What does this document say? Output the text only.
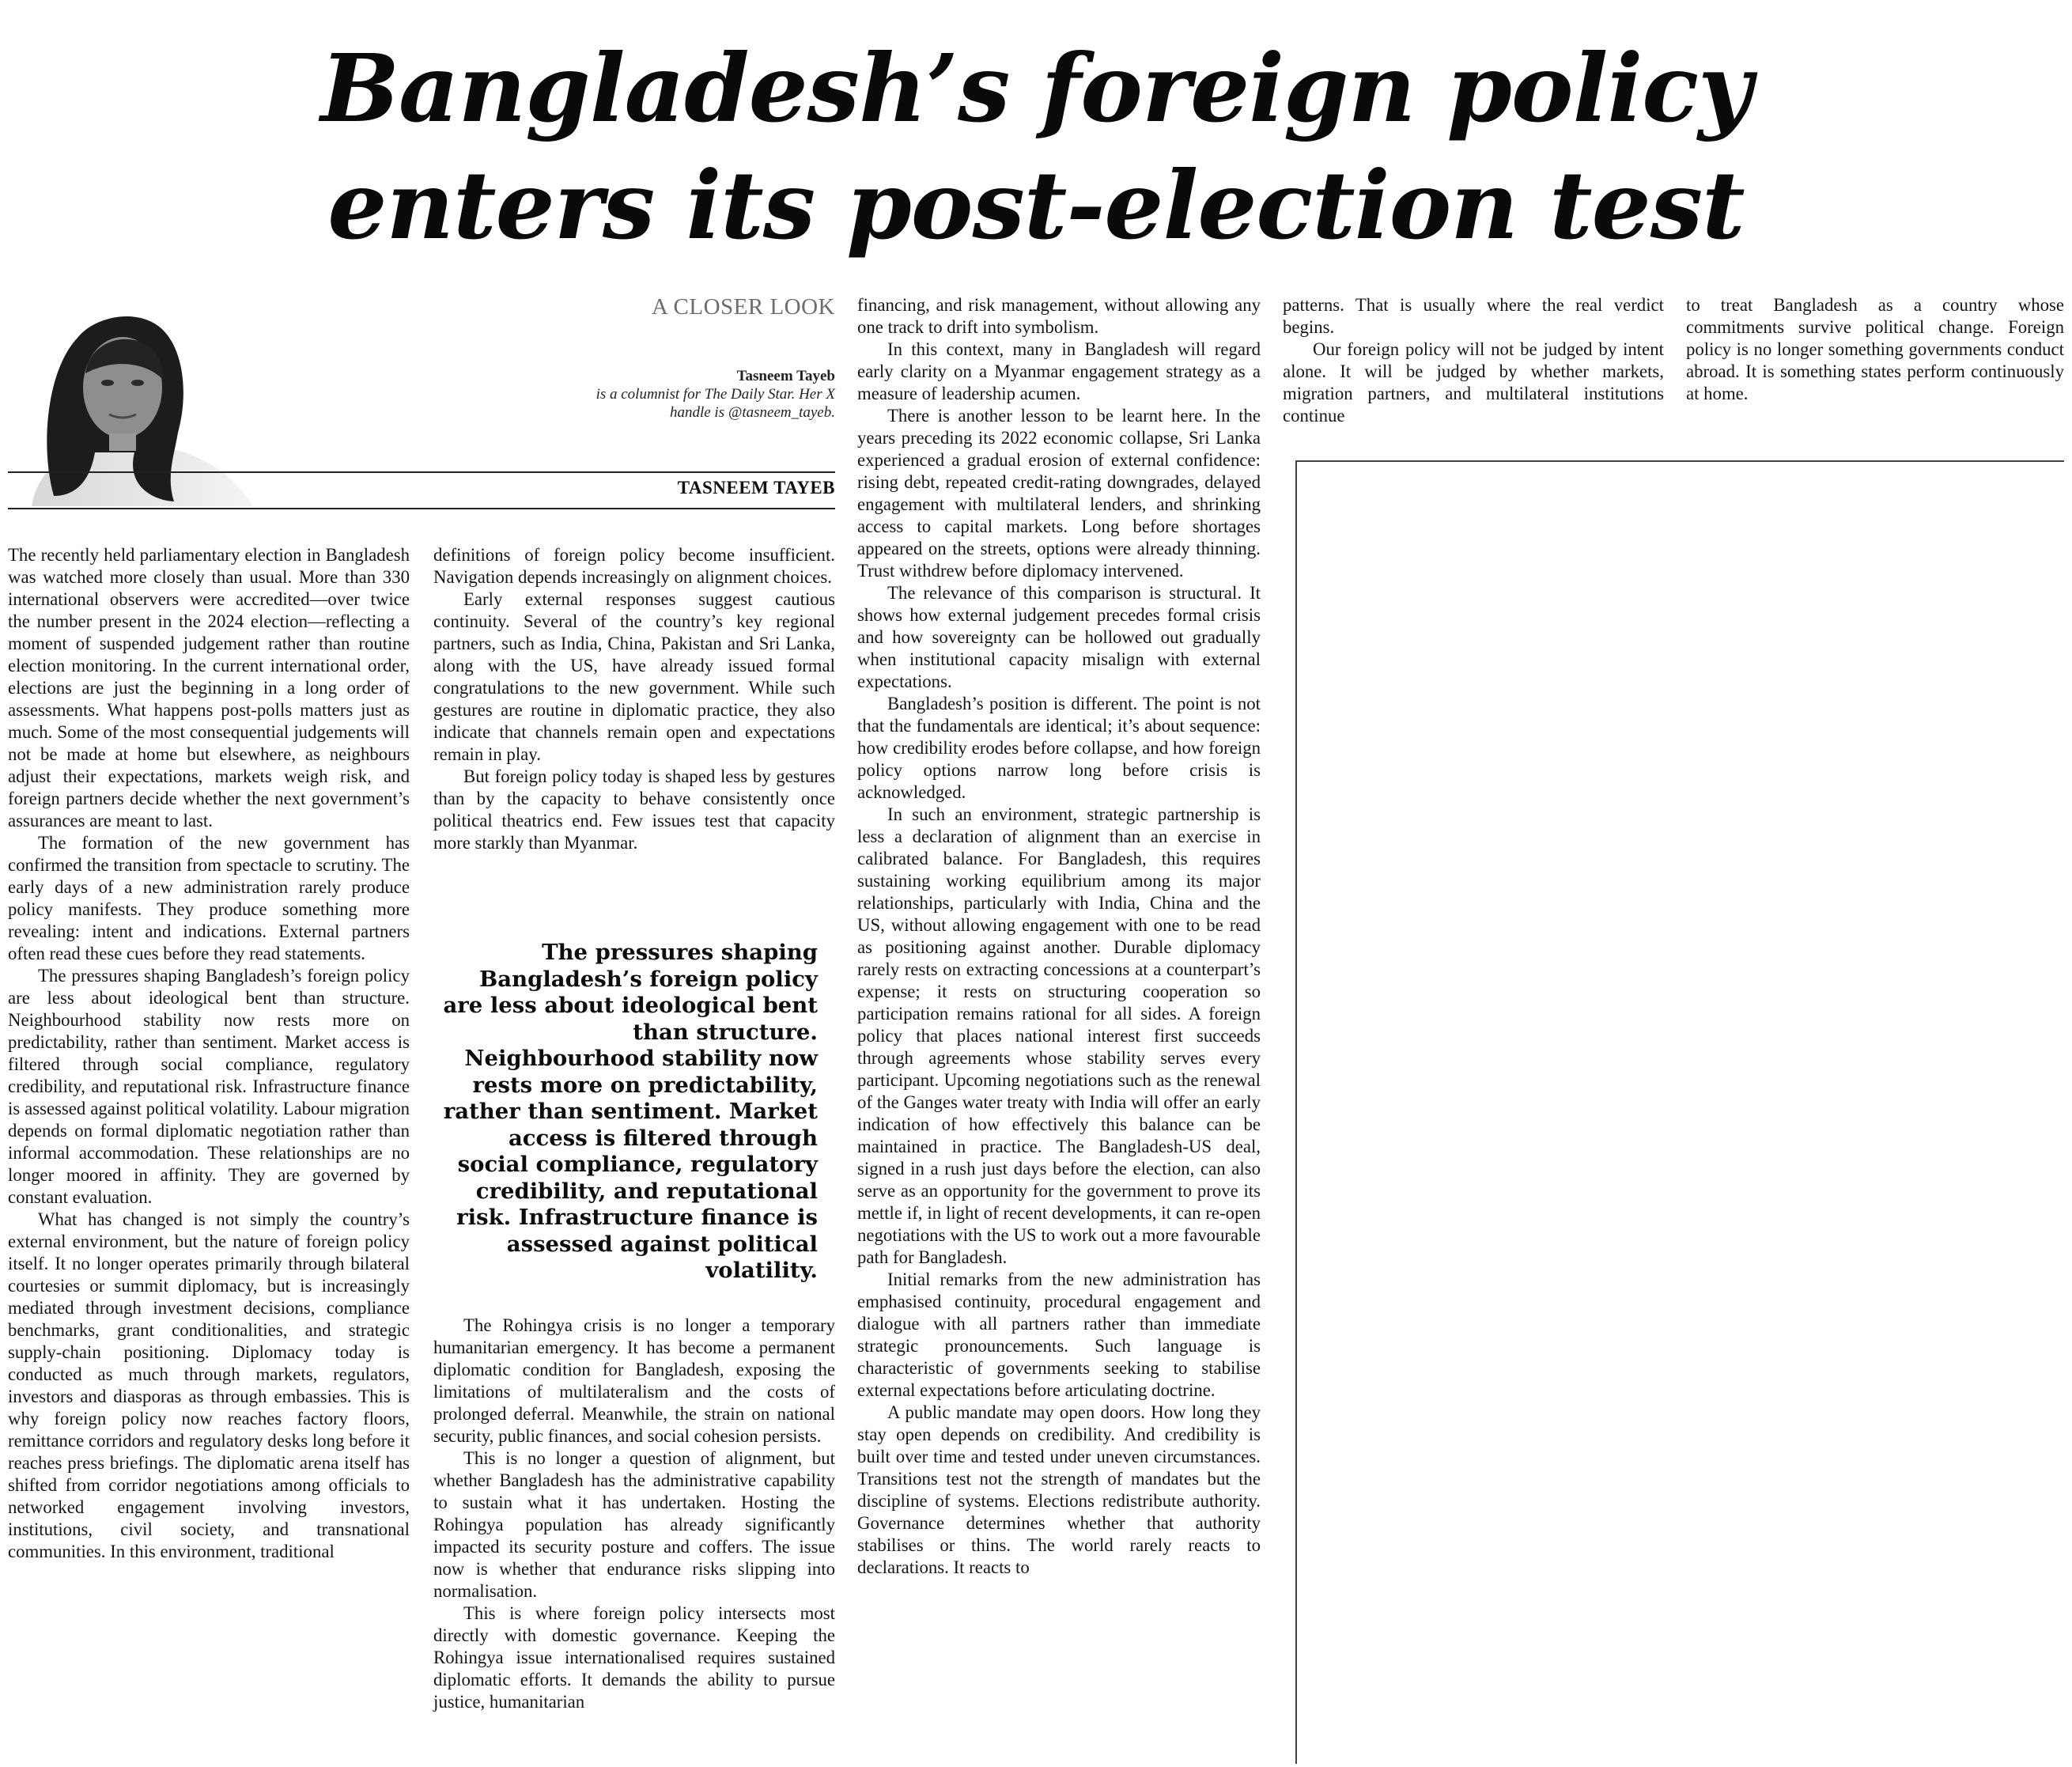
Bangladesh’s foreign policy
enters its post-election test

A CLOSER LOOK

Tasneem Tayeb
is a columnist for The Daily Star. Her X
handle is @tasneem_tayeb.
TASNEEM TAYEB

The recently held parliamentary election in Bangladesh was watched more closely than usual. More than 330 international observers were accredited—over twice the number present in the 2024 election—reflecting a moment of suspended judgement rather than routine election monitoring. In the current international order, elections are just the beginning in a long order of assessments. What happens post-polls matters just as much. Some of the most consequential judgements will not be made at home but elsewhere, as neighbours adjust their expectations, markets weigh risk, and foreign partners decide whether the next government’s assurances are meant to last.

The formation of the new government has confirmed the transition from spectacle to scrutiny. The early days of a new administration rarely produce policy manifests. They produce something more revealing: intent and indications. External partners often read these cues before they read statements.

The pressures shaping Bangladesh’s foreign policy are less about ideological bent than structure. Neighbourhood stability now rests more on predictability, rather than sentiment. Market access is filtered through social compliance, regulatory credibility, and reputational risk. Infrastructure finance is assessed against political volatility. Labour migration depends on formal diplomatic negotiation rather than informal accommodation. These relationships are no longer moored in affinity. They are governed by constant evaluation.

What has changed is not simply the country’s external environment, but the nature of foreign policy itself. It no longer operates primarily through bilateral courtesies or summit diplomacy, but is increasingly mediated through investment decisions, compliance benchmarks, grant conditionalities, and strategic supply-chain positioning. Diplomacy today is conducted as much through markets, regulators, investors and diasporas as through embassies. This is why foreign policy now reaches factory floors, remittance corridors and regulatory desks long before it reaches press briefings. The diplomatic arena itself has shifted from corridor negotiations among officials to networked engagement involving investors, institutions, civil society, and transnational communities. In this environment, traditional

definitions of foreign policy become insufficient. Navigation depends increasingly on alignment choices.

Early external responses suggest cautious continuity. Several of the country’s key regional partners, such as India, China, Pakistan and Sri Lanka, along with the US, have already issued formal congratulations to the new government. While such gestures are routine in diplomatic practice, they also indicate that channels remain open and expectations remain in play.

But foreign policy today is shaped less by gestures than by the capacity to behave consistently once political theatrics end. Few issues test that capacity more starkly than Myanmar.

The pressures shaping Bangladesh’s foreign policy are less about ideological bent than structure. Neighbourhood stability now rests more on predictability, rather than sentiment. Market access is filtered through social compliance, regulatory credibility, and reputational risk. Infrastructure finance is assessed against political volatility.

The Rohingya crisis is no longer a temporary humanitarian emergency. It has become a permanent diplomatic condition for Bangladesh, exposing the limitations of multilateralism and the costs of prolonged deferral. Meanwhile, the strain on national security, public finances, and social cohesion persists.

This is no longer a question of alignment, but whether Bangladesh has the administrative capability to sustain what it has undertaken. Hosting the Rohingya population has already significantly impacted its security posture and coffers. The issue now is whether that endurance risks slipping into normalisation.

This is where foreign policy intersects most directly with domestic governance. Keeping the Rohingya issue internationalised requires sustained diplomatic efforts. It demands the ability to pursue justice, humanitarian

financing, and risk management, without allowing any one track to drift into symbolism.

In this context, many in Bangladesh will regard early clarity on a Myanmar engagement strategy as a measure of leadership acumen.

There is another lesson to be learnt here. In the years preceding its 2022 economic collapse, Sri Lanka experienced a gradual erosion of external confidence: rising debt, repeated credit-rating downgrades, delayed engagement with multilateral lenders, and shrinking access to capital markets. Long before shortages appeared on the streets, options were already thinning. Trust withdrew before diplomacy intervened.

The relevance of this comparison is structural. It shows how external judgement precedes formal crisis and how sovereignty can be hollowed out gradually when institutional capacity misalign with external expectations.

Bangladesh’s position is different. The point is not that the fundamentals are identical; it’s about sequence: how credibility erodes before collapse, and how foreign policy options narrow long before crisis is acknowledged.

In such an environment, strategic partnership is less a declaration of alignment than an exercise in calibrated balance. For Bangladesh, this requires sustaining working equilibrium among its major relationships, particularly with India, China and the US, without allowing engagement with one to be read as positioning against another. Durable diplomacy rarely rests on extracting concessions at a counterpart’s expense; it rests on structuring cooperation so participation remains rational for all sides. A foreign policy that places national interest first succeeds through agreements whose stability serves every participant. Upcoming negotiations such as the renewal of the Ganges water treaty with India will offer an early indication of how effectively this balance can be maintained in practice. The Bangladesh-US deal, signed in a rush just days before the election, can also serve as an opportunity for the government to prove its mettle if, in light of recent developments, it can re-open negotiations with the US to work out a more favourable path for Bangladesh.

Initial remarks from the new administration has emphasised continuity, procedural engagement and dialogue with all partners rather than immediate strategic pronouncements. Such language is characteristic of governments seeking to stabilise external expectations before articulating doctrine.

A public mandate may open doors. How long they stay open depends on credibility. And credibility is built over time and tested under uneven circumstances. Transitions test not the strength of mandates but the discipline of systems. Elections redistribute authority. Governance determines whether that authority stabilises or thins. The world rarely reacts to declarations. It reacts to

patterns. That is usually where the real verdict begins.

Our foreign policy will not be judged by intent alone. It will be judged by whether markets, migration partners, and multilateral institutions continue

to treat Bangladesh as a country whose commitments survive political change. Foreign policy is no longer something governments conduct abroad. It is something states perform continuously at home.
